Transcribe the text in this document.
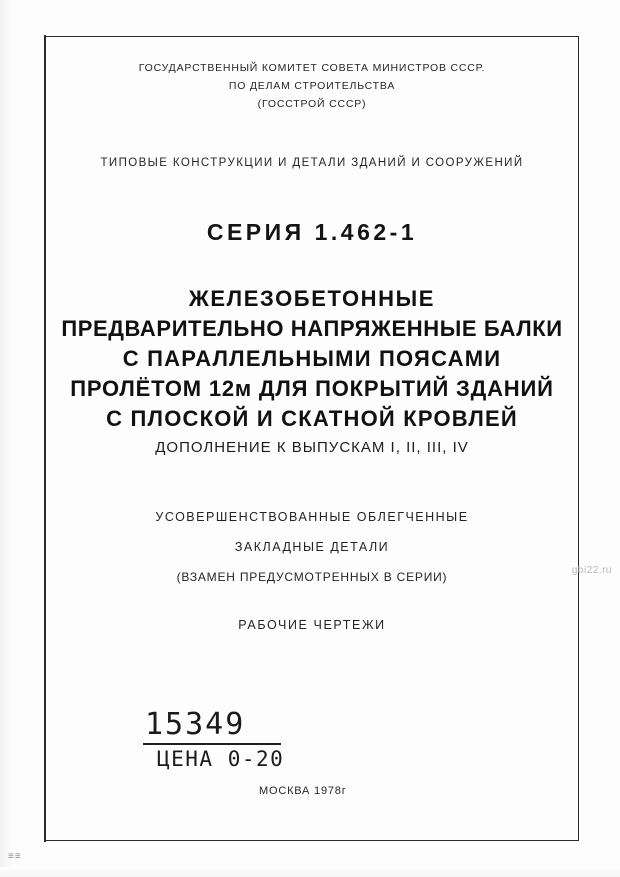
≡≡
ГОСУДАРСТВЕННЫЙ КОМИТЕТ СОВЕТА МИНИСТРОВ СССР.
ПО ДЕЛАМ СТРОИТЕЛЬСТВА
(ГОССТРОЙ СССР)
ТИПОВЫЕ КОНСТРУКЦИИ И ДЕТАЛИ ЗДАНИЙ И СООРУЖЕНИЙ
СЕРИЯ 1.462-1
ЖЕЛЕЗОБЕТОННЫЕ
ПРЕДВАРИТЕЛЬНО НАПРЯЖЕННЫЕ БАЛКИ
С ПАРАЛЛЕЛЬНЫМИ ПОЯСАМИ
ПРОЛЁТОМ 12м ДЛЯ ПОКРЫТИЙ ЗДАНИЙ
С ПЛОСКОЙ И СКАТНОЙ КРОВЛЕЙ
ДОПОЛНЕНИЕ К ВЫПУСКАМ I, II, III, IV
УСОВЕРШЕНСТВОВАННЫЕ ОБЛЕГЧЕННЫЕ
ЗАКЛАДНЫЕ ДЕТАЛИ
(ВЗАМЕН ПРЕДУСМОТРЕННЫХ В СЕРИИ)
РАБОЧИЕ ЧЕРТЕЖИ
15349
ЦЕНА 0-20
МОСКВА 1978г
gbi22.ru
